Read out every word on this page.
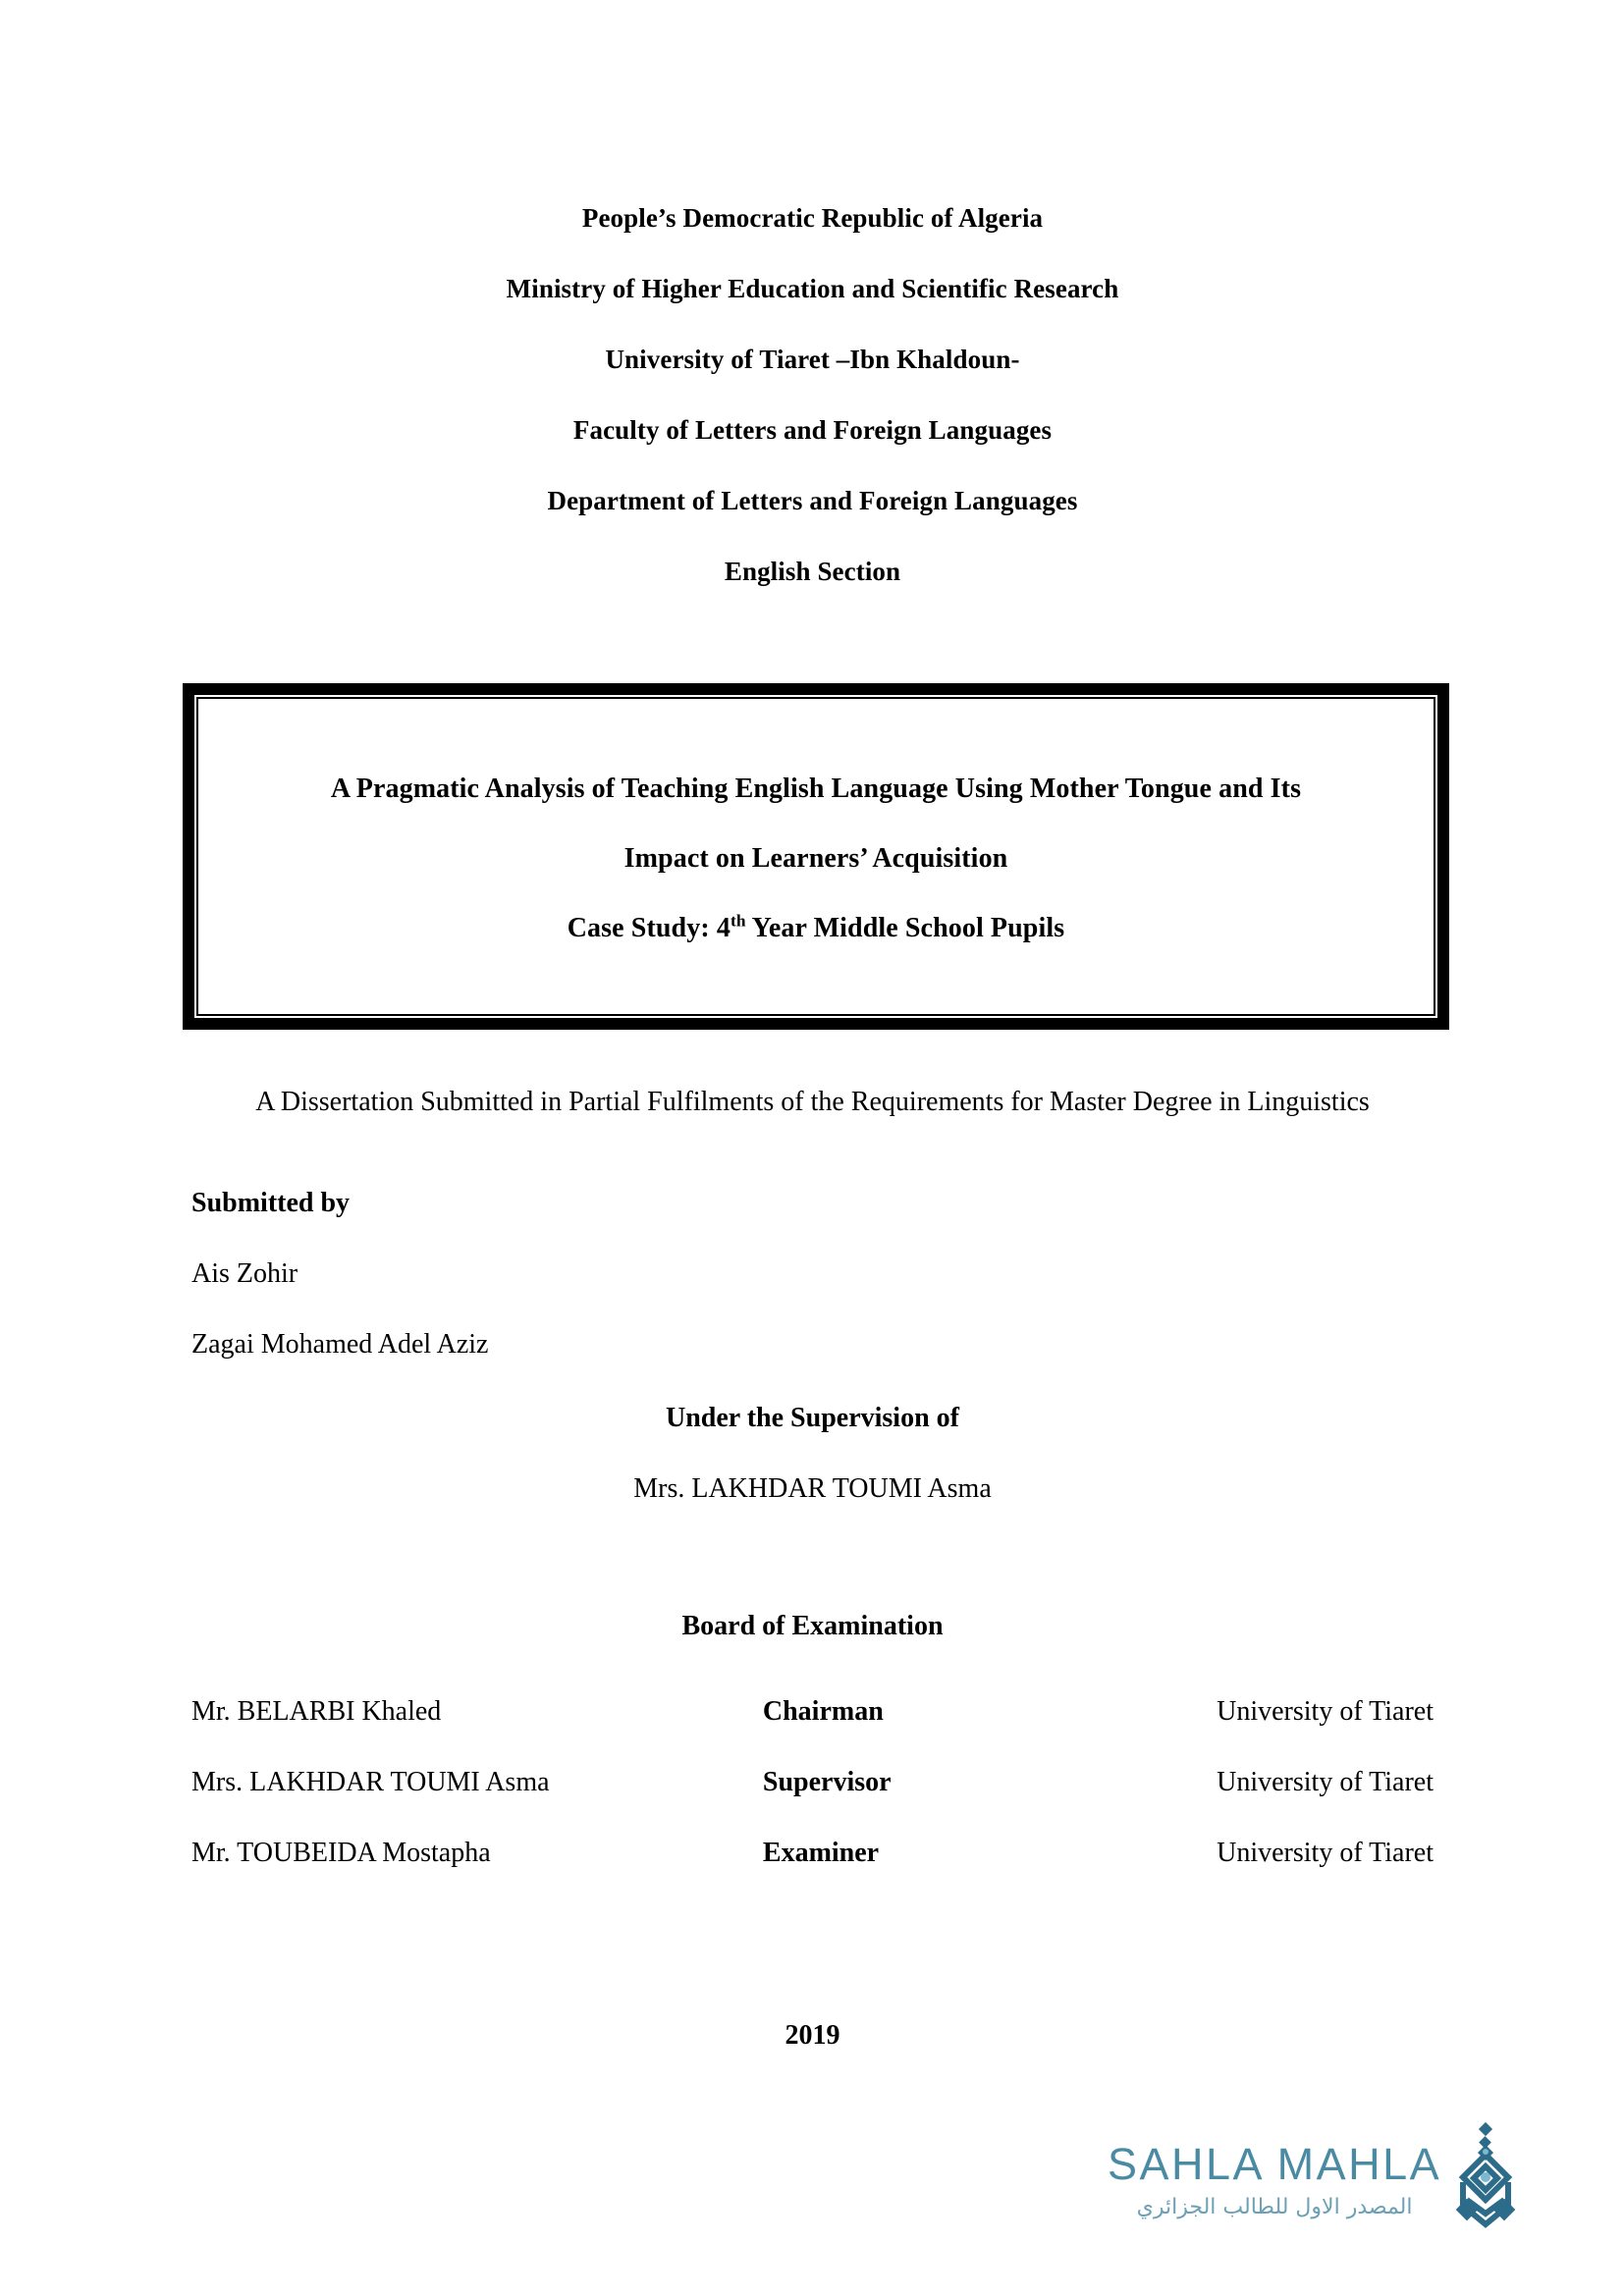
People’s Democratic Republic of Algeria
Ministry of Higher Education and Scientific Research
University of Tiaret –Ibn Khaldoun-
Faculty of Letters and Foreign Languages
Department of Letters and Foreign Languages
English Section
A Pragmatic Analysis of Teaching English Language Using Mother Tongue and Its
Impact on Learners’ Acquisition
Case Study: 4th Year Middle School Pupils
A Dissertation Submitted in Partial Fulfilments of the Requirements for Master Degree in Linguistics
Submitted by
Ais Zohir
Zagai Mohamed Adel Aziz
Under the Supervision of
Mrs. LAKHDAR TOUMI Asma
Board of Examination
Mr. BELARBI Khaled	Chairman	University of Tiaret
Mrs. LAKHDAR TOUMI Asma	Supervisor	University of Tiaret
Mr. TOUBEIDA Mostapha	Examiner	University of Tiaret
2019
SAHLA MAHLA
المصدر الاول للطالب الجزائري
